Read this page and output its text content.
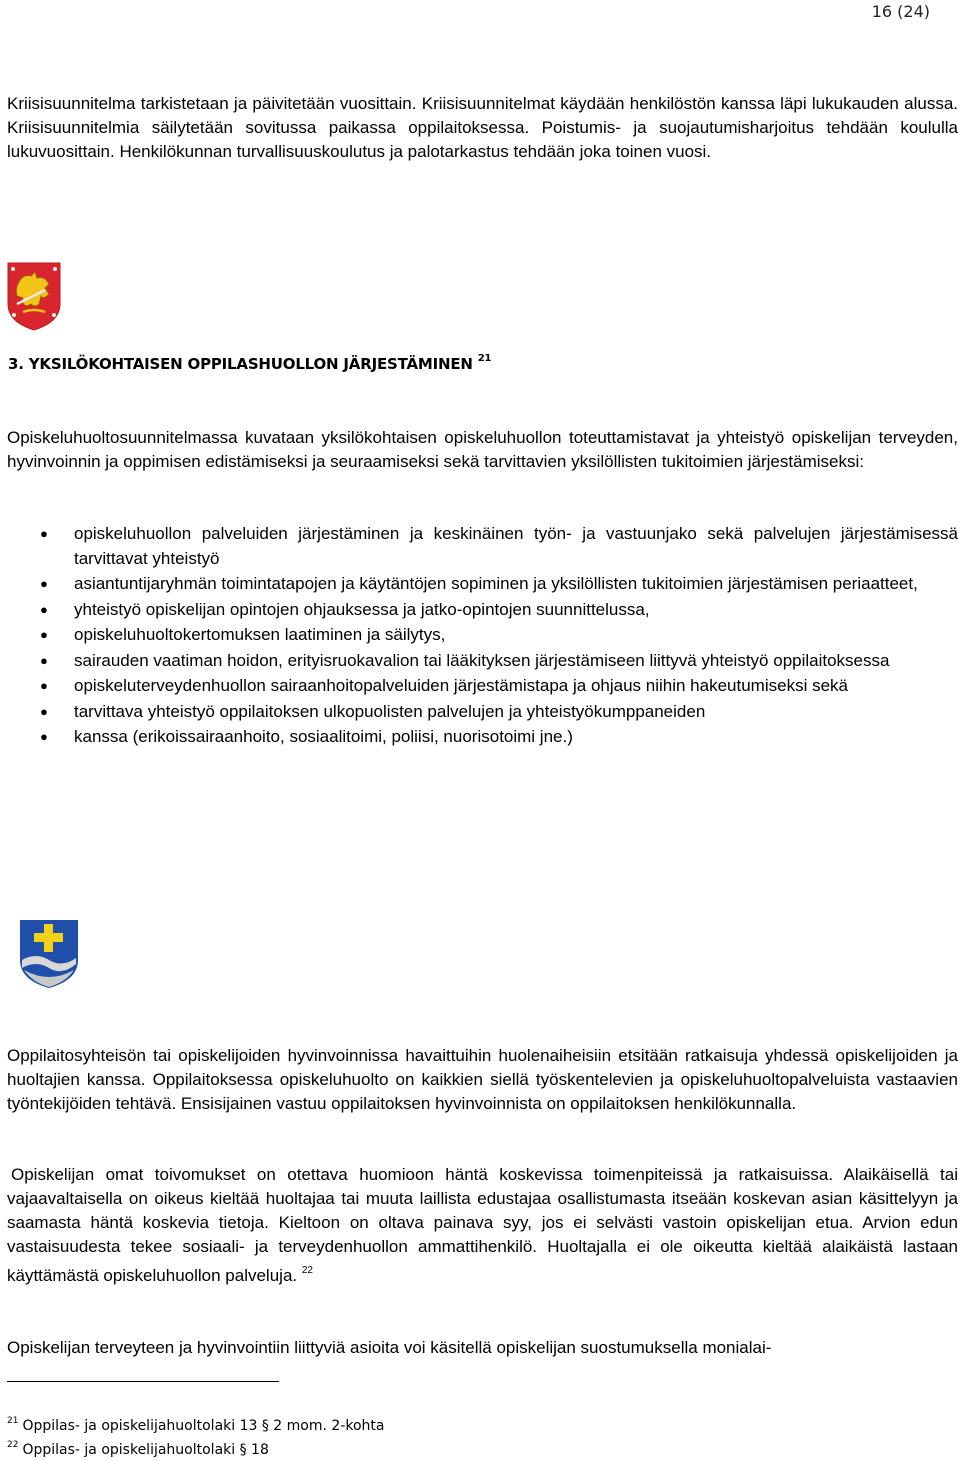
16 (24)

Kriisisuunnitelma tarkistetaan ja päivitetään vuosittain. Kriisisuunnitelmat käydään henkilöstön kanssa läpi lukukauden alussa. Kriisisuunnitelmia säilytetään sovitussa paikassa oppilaitoksessa. Poistumis- ja suojautumisharjoitus tehdään koululla lukuvuosittain. Henkilökunnan turvallisuuskoulutus ja palotarkastus tehdään joka toinen vuosi.

3. YKSILÖKOHTAISEN OPPILASHUOLLON JÄRJESTÄMINEN $^{21}$

Opiskeluhuoltosuunnitelmassa kuvataan yksilökohtaisen opiskeluhuollon toteuttamistavat ja yhteistyö opiskelijan terveyden, hyvinvoinnin ja oppimisen edistämiseksi ja seuraamiseksi sekä tarvittavien yksilöllisten tukitoimien järjestämiseksi:

● opiskeluhuollon palveluiden järjestäminen ja keskinäinen työn- ja vastuunjako sekä palvelujen järjestämisessä tarvittavat yhteistyö
● asiantuntijaryhmän toimintatapojen ja käytäntöjen sopiminen ja yksilöllisten tukitoimien järjestämisen periaatteet,
● yhteistyö opiskelijan opintojen ohjauksessa ja jatko-opintojen suunnittelussa,
● opiskeluhuoltokertomuksen laatiminen ja säilytys,
● sairauden vaatiman hoidon, erityisruokavalion tai lääkityksen järjestämiseen liittyvä yhteistyö oppilaitoksessa
● opiskeluterveydenhuollon sairaanhoitopalveluiden järjestämistapa ja ohjaus niihin hakeutumiseksi sekä
● tarvittava yhteistyö oppilaitoksen ulkopuolisten palvelujen ja yhteistyökumppaneiden
● kanssa (erikoissairaanhoito, sosiaalitoimi, poliisi, nuorisotoimi jne.)

Oppilaitosyhteisön tai opiskelijoiden hyvinvoinnissa havaittuihin huolenaiheisiin etsitään ratkaisuja yhdessä opiskelijoiden ja huoltajien kanssa. Oppilaitoksessa opiskeluhuolto on kaikkien siellä työskentelevien ja opiskeluhuoltopalveluista vastaavien työntekijöiden tehtävä. Ensisijainen vastuu oppilaitoksen hyvinvoinnista on oppilaitoksen henkilökunnalla.

Opiskelijan omat toivomukset on otettava huomioon häntä koskevissa toimenpiteissä ja ratkaisuissa. Alaikäisellä tai vajaavaltaisella on oikeus kieltää huoltajaa tai muuta laillista edustajaa osallistumasta itseään koskevan asian käsittelyyn ja saamasta häntä koskevia tietoja. Kieltoon on oltava painava syy, jos ei selvästi vastoin opiskelijan etua. Arvion edun vastaisuudesta tekee sosiaali- ja terveydenhuollon ammattihenkilö. Huoltajalla ei ole oikeutta kieltää alaikäistä lastaan käyttämästä opiskeluhuollon palveluja. $^{22}$

Opiskelijan terveyteen ja hyvinvointiin liittyviä asioita voi käsitellä opiskelijan suostumuksella monialai-

$^{21}$ Oppilas- ja opiskelijahuoltolaki 13 § 2 mom. 2-kohta
$^{22}$ Oppilas- ja opiskelijahuoltolaki § 18
